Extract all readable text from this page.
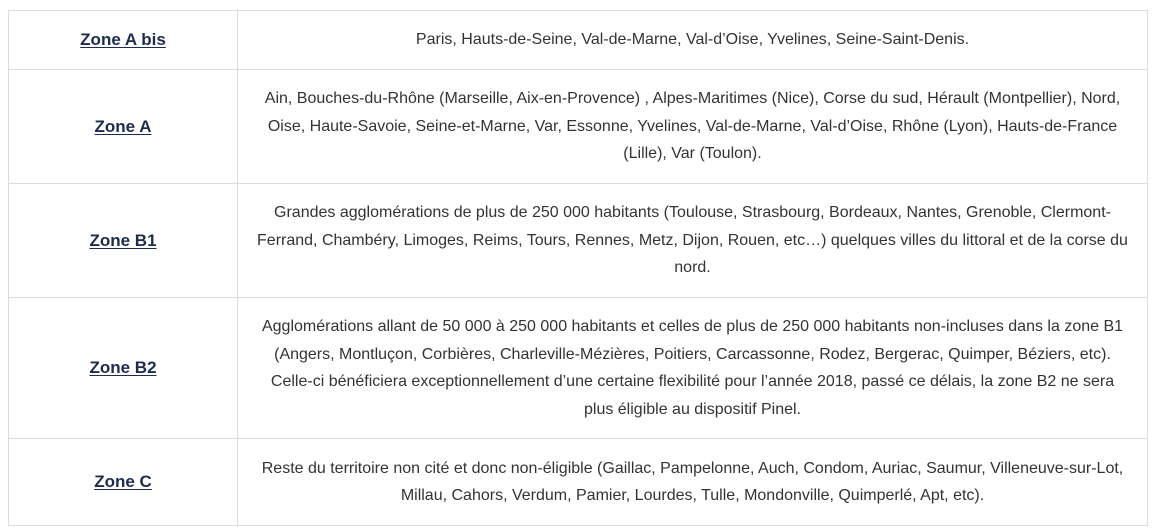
Zone A bis	Paris, Hauts-de-Seine, Val-de-Marne, Val-d’Oise, Yvelines, Seine-Saint-Denis.
Zone A	Ain, Bouches-du-Rhône (Marseille, Aix-en-Provence) , Alpes-Maritimes (Nice), Corse du sud, Hérault (Montpellier), Nord, Oise, Haute-Savoie, Seine-et-Marne, Var, Essonne, Yvelines, Val-de-Marne, Val-d’Oise, Rhône (Lyon), Hauts-de-France (Lille), Var (Toulon).
Zone B1	Grandes agglomérations de plus de 250 000 habitants (Toulouse, Strasbourg, Bordeaux, Nantes, Grenoble, Clermont-Ferrand, Chambéry, Limoges, Reims, Tours, Rennes, Metz, Dijon, Rouen, etc…) quelques villes du littoral et de la corse du nord.
Zone B2	Agglomérations allant de 50 000 à 250 000 habitants et celles de plus de 250 000 habitants non-incluses dans la zone B1 (Angers, Montluçon, Corbières, Charleville-Mézières, Poitiers, Carcassonne, Rodez, Bergerac, Quimper, Béziers, etc). Celle-ci bénéficiera exceptionnellement d’une certaine flexibilité pour l’année 2018, passé ce délais, la zone B2 ne sera plus éligible au dispositif Pinel.
Zone C	Reste du territoire non cité et donc non-éligible (Gaillac, Pampelonne, Auch, Condom, Auriac, Saumur, Villeneuve-sur-Lot, Millau, Cahors, Verdum, Pamier, Lourdes, Tulle, Mondonville, Quimperlé, Apt, etc).
